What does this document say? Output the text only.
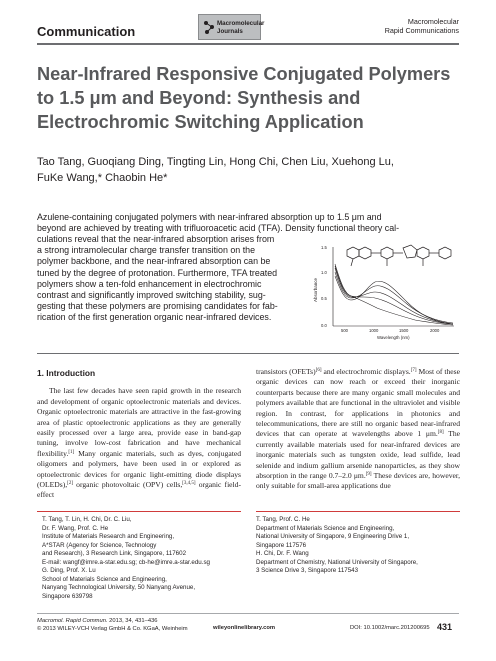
Communication
Macromolecular
Journals
Macromolecular
Rapid Communications
Near-Infrared Responsive Conjugated Polymers
to 1.5 μm and Beyond: Synthesis and
Electrochromic Switching Application
Tao Tang, Guoqiang Ding, Tingting Lin, Hong Chi, Chen Liu, Xuehong Lu,
FuKe Wang,* Chaobin He*
Azulene-containing conjugated polymers with near-infrared absorption up to 1.5 μm and
beyond are achieved by treating with trifluoroacetic acid (TFA). Density functional theory cal-
culations reveal that the near-infrared absorption arises from
a strong intramolecular charge transfer transition on the
polymer backbone, and the near-infrared absorption can be
tuned by the degree of protonation. Furthermore, TFA treated
polymers show a ten-fold enhancement in electrochromic
contrast and significantly improved switching stability, sug-
gesting that these polymers are promising candidates for fab-
rication of the first generation organic near-infrared devices.
Absorbance
1.5
1.0
0.5
0.0
500	1000	1500	2000
Wavelength (nm)
1. Introduction

The last few decades have seen rapid growth in the research and development of organic optoelectronic materials and devices. Organic optoelectronic materials are attractive in the fast-growing area of plastic optoelectronic applications as they are generally easily processed over a large area, provide ease in band-gap tuning, involve low-cost fabrication and have mechanical flexibility.[1] Many organic materials, such as dyes, conjugated oligomers and polymers, have been used in or explored as optoelectronic devices for organic light-emitting diode displays (OLEDs),[2] organic photovoltaic (OPV) cells,[3,4,5] organic field-effect

transistors (OFETs)[6] and electrochromic displays.[7] Most of these organic devices can now reach or exceed their inorganic counterparts because there are many organic small molecules and polymers available that are functional in the ultraviolet and visible region. In contrast, for applications in photonics and telecommunications, there are still no organic based near-infrared devices that can operate at wavelengths above 1 μm.[8] The currently available materials used for near-infrared devices are inorganic materials such as tungsten oxide, lead sulfide, lead selenide and indium gallium arsenide nanoparticles, as they show absorption in the range 0.7–2.0 μm.[9] These devices are, however, only suitable for small-area applications due

T. Tang, T. Lin, H. Chi, Dr. C. Liu,
Dr. F. Wang, Prof. C. He
Institute of Materials Research and Engineering,
A*STAR (Agency for Science, Technology
and Research), 3 Research Link, Singapore, 117602
E-mail: wangf@imre.a-star.edu.sg; cb-he@imre.a-star.edu.sg
G. Ding, Prof. X. Lu
School of Materials Science and Engineering,
Nanyang Technological University, 50 Nanyang Avenue,
Singapore 639798
T. Tang, Prof. C. He
Department of Materials Science and Engineering,
National University of Singapore, 9 Engineering Drive 1,
Singapore 117576
H. Chi, Dr. F. Wang
Department of Chemistry, National University of Singapore,
3 Science Drive 3, Singapore 117543
Macromol. Rapid Commun. 2013, 34, 431–436
© 2013 WILEY-VCH Verlag GmbH & Co. KGaA, Weinheim	wileyonlinelibrary.com	DOI: 10.1002/marc.201200695 431
